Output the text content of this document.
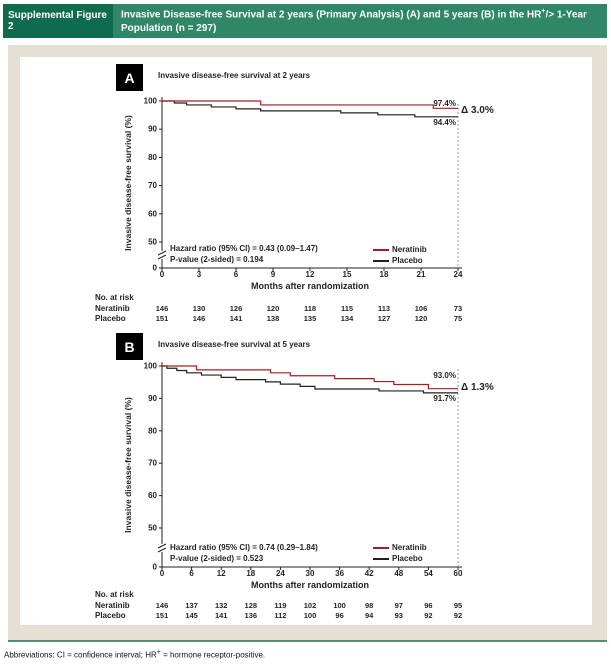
Supplemental Figure 2
Invasive Disease-free Survival at 2 years (Primary Analysis) (A) and 5 years (B) in the HR+/> 1-Year Population (n = 297)
100
90
80
70
60
50
0
0	3	6	9	12	15	18	21	24
146	130	126	120	118	115	113	106	73
151	146	141	138	135	134	127	120	75
100
90
80
70
60
50
0
0	6	12	18	24	30	36	42	48	54	60
146 137 132 128 119 102 100	98	97	96	95
151 145 141 136 112 100	96	94	93	92	92
A	Invasive disease-free survival at 2 years
Invasive disease-free survival (%)
Months after randomization
Hazard ratio (95% CI) = 0.43 (0.09–1.47)
P-value (2-sided) = 0.194
Neratinib
Placebo
97.4%
Δ 3.0%
94.4%
No. at risk
Neratinib
Placebo
B	Invasive disease-free survival at 5 years
Invasive disease-free survival (%)
Months after randomization
Hazard ratio (95% CI) = 0.74 (0.29–1.84)
P-value (2-sided) = 0.523
Neratinib
Placebo
93.0%
Δ 1.3%
91.7%
No. at risk
Neratinib
Placebo
Abbreviations: CI = confidence interval; HR+ = hormone receptor-positive.
